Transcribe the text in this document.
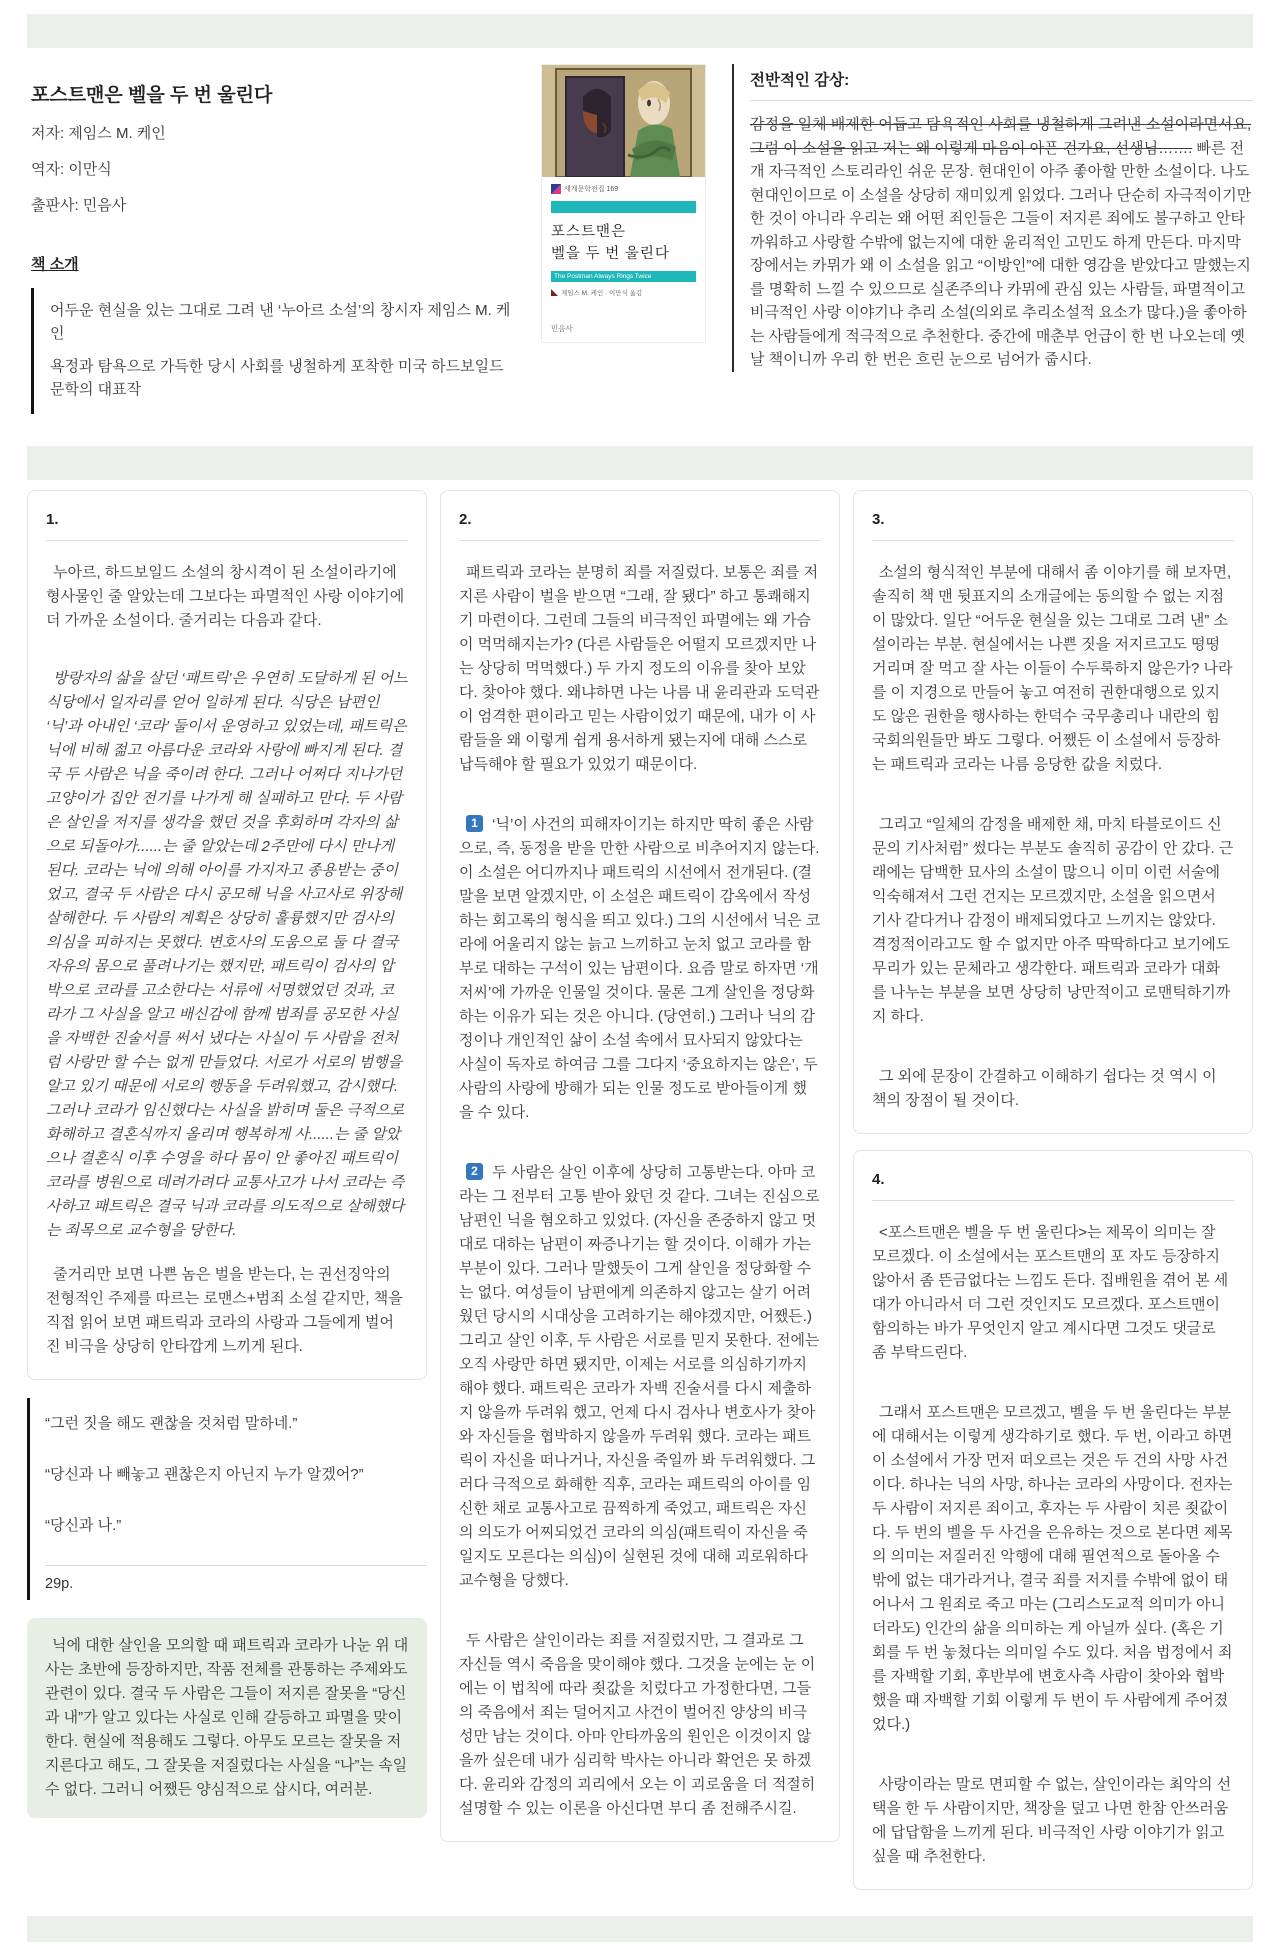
포스트맨은 벨을 두 번 울린다
저자: 제임스 M. 케인
역자: 이만식
출판사: 민음사
책 소개

어두운 현실을 있는 그대로 그려 낸 ‘누아르 소설’의 창시자 제임스 M. 케인

욕정과 탐욕으로 가득한 당시 사회를 냉철하게 포착한 미국 하드보일드 문학의 대표작

세계문학전집 169
포스트맨은
벨을 두 번 울린다
The Postman Always Rings Twice
제임스 M. 케인 · 이만식 옮김
민음사
전반적인 감상:

감정을 일체 배제한 어둡고 탐욕적인 사회를 냉철하게 그려낸 소설이라면서요, 그럼 이 소설을 읽고 저는 왜 이렇게 마음이 아픈 건가요, 선생님……. 빠른 전개 자극적인 스토리라인 쉬운 문장. 현대인이 아주 좋아할 만한 소설이다. 나도 현대인이므로 이 소설을 상당히 재미있게 읽었다. 그러나 단순히 자극적이기만 한 것이 아니라 우리는 왜 어떤 죄인들은 그들이 저지른 죄에도 불구하고 안타까워하고 사랑할 수밖에 없는지에 대한 윤리적인 고민도 하게 만든다. 마지막 장에서는 카뮈가 왜 이 소설을 읽고 “이방인”에 대한 영감을 받았다고 말했는지를 명확히 느낄 수 있으므로 실존주의나 카뮈에 관심 있는 사람들, 파멸적이고 비극적인 사랑 이야기나 추리 소설(의외로 추리소설적 요소가 많다.)을 좋아하는 사람들에게 적극적으로 추천한다. 중간에 매춘부 언급이 한 번 나오는데 옛날 책이니까 우리 한 번은 흐린 눈으로 넘어가 줍시다.

1.

누아르, 하드보일드 소설의 창시격이 된 소설이라기에 형사물인 줄 알았는데 그보다는 파멸적인 사랑 이야기에 더 가까운 소설이다. 줄거리는 다음과 같다.

방랑자의 삶을 살던 ‘패트릭’은 우연히 도달하게 된 어느 식당에서 일자리를 얻어 일하게 된다. 식당은 남편인 ‘닉’과 아내인 ‘코라’ 둘이서 운영하고 있었는데, 패트릭은 닉에 비해 젊고 아름다운 코라와 사랑에 빠지게 된다. 결국 두 사람은 닉을 죽이려 한다. 그러나 어쩌다 지나가던 고양이가 집안 전기를 나가게 해 실패하고 만다. 두 사람은 살인을 저지를 생각을 했던 것을 후회하며 각자의 삶으로 되돌아가......는 줄 알았는데 2주만에 다시 만나게 된다. 코라는 닉에 의해 아이를 가지자고 종용받는 중이었고, 결국 두 사람은 다시 공모해 닉을 사고사로 위장해 살해한다. 두 사람의 계획은 상당히 훌륭했지만 검사의 의심을 피하지는 못했다. 변호사의 도움으로 둘 다 결국 자유의 몸으로 풀려나기는 했지만, 패트릭이 검사의 압박으로 코라를 고소한다는 서류에 서명했었던 것과, 코라가 그 사실을 알고 배신감에 함께 범죄를 공모한 사실을 자백한 진술서를 써서 냈다는 사실이 두 사람을 전처럼 사랑만 할 수는 없게 만들었다. 서로가 서로의 범행을 알고 있기 때문에 서로의 행동을 두려워했고, 감시했다. 그러나 코라가 임신했다는 사실을 밝히며 둘은 극적으로 화해하고 결혼식까지 올리며 행복하게 사......는 줄 알았으나 결혼식 이후 수영을 하다 몸이 안 좋아진 패트릭이 코라를 병원으로 데려가려다 교통사고가 나서 코라는 즉사하고 패트릭은 결국 닉과 코라를 의도적으로 살해했다는 죄목으로 교수형을 당한다.

줄거리만 보면 나쁜 놈은 벌을 받는다, 는 권선징악의 전형적인 주제를 따르는 로맨스+범죄 소설 같지만, 책을 직접 읽어 보면 패트릭과 코라의 사랑과 그들에게 벌어진 비극을 상당히 안타깝게 느끼게 된다.

“그런 짓을 해도 괜찮을 것처럼 말하네.”

“당신과 나 빼놓고 괜찮은지 아닌지 누가 알겠어?”

“당신과 나.”

29p.

닉에 대한 살인을 모의할 때 패트릭과 코라가 나눈 위 대사는 초반에 등장하지만, 작품 전체를 관통하는 주제와도 관련이 있다. 결국 두 사람은 그들이 저지른 잘못을 “당신과 내”가 알고 있다는 사실로 인해 갈등하고 파멸을 맞이한다. 현실에 적용해도 그렇다. 아무도 모르는 잘못을 저지른다고 해도, 그 잘못을 저질렀다는 사실을 “나”는 속일 수 없다. 그러니 어쨌든 양심적으로 삽시다, 여러분.

2.

패트릭과 코라는 분명히 죄를 저질렀다. 보통은 죄를 저지른 사람이 벌을 받으면 “그래, 잘 됐다” 하고 통쾌해지기 마련이다. 그런데 그들의 비극적인 파멸에는 왜 가슴이 먹먹해지는가? (다른 사람들은 어떨지 모르겠지만 나는 상당히 먹먹했다.) 두 가지 정도의 이유를 찾아 보았다. 찾아야 했다. 왜냐하면 나는 나름 내 윤리관과 도덕관이 엄격한 편이라고 믿는 사람이었기 때문에, 내가 이 사람들을 왜 이렇게 쉽게 용서하게 됐는지에 대해 스스로 납득해야 할 필요가 있었기 때문이다.

1 ‘닉’이 사건의 피해자이기는 하지만 딱히 좋은 사람으로, 즉, 동정을 받을 만한 사람으로 비추어지지 않는다. 이 소설은 어디까지나 패트릭의 시선에서 전개된다. (결말을 보면 알겠지만, 이 소설은 패트릭이 감옥에서 작성하는 회고록의 형식을 띄고 있다.) 그의 시선에서 닉은 코라에 어울리지 않는 늙고 느끼하고 눈치 없고 코라를 함부로 대하는 구석이 있는 남편이다. 요즘 말로 하자면 ‘개저씨’에 가까운 인물일 것이다. 물론 그게 살인을 정당화하는 이유가 되는 것은 아니다. (당연히.) 그러나 닉의 감정이나 개인적인 삶이 소설 속에서 묘사되지 않았다는 사실이 독자로 하여금 그를 그다지 ‘중요하지는 않은’, 두 사람의 사랑에 방해가 되는 인물 정도로 받아들이게 했을 수 있다.

2 두 사람은 살인 이후에 상당히 고통받는다. 아마 코라는 그 전부터 고통 받아 왔던 것 같다. 그녀는 진심으로 남편인 닉을 혐오하고 있었다. (자신을 존중하지 않고 멋대로 대하는 남편이 짜증나기는 할 것이다. 이해가 가는 부분이 있다. 그러나 말했듯이 그게 살인을 정당화할 수는 없다. 여성들이 남편에게 의존하지 않고는 살기 어려웠던 당시의 시대상을 고려하기는 해야겠지만, 어쨌든.) 그리고 살인 이후, 두 사람은 서로를 믿지 못한다. 전에는 오직 사랑만 하면 됐지만, 이제는 서로를 의심하기까지 해야 했다. 패트릭은 코라가 자백 진술서를 다시 제출하지 않을까 두려워 했고, 언제 다시 검사나 변호사가 찾아와 자신들을 협박하지 않을까 두려워 했다. 코라는 패트릭이 자신을 떠나거나, 자신을 죽일까 봐 두려워했다. 그러다 극적으로 화해한 직후, 코라는 패트릭의 아이를 임신한 채로 교통사고로 끔찍하게 죽었고, 패트릭은 자신의 의도가 어찌되었건 코라의 의심(패트릭이 자신을 죽일지도 모른다는 의심)이 실현된 것에 대해 괴로워하다 교수형을 당했다.

두 사람은 살인이라는 죄를 저질렀지만, 그 결과로 그 자신들 역시 죽음을 맞이해야 했다. 그것을 눈에는 눈 이에는 이 법칙에 따라 죗값을 치렀다고 가정한다면, 그들의 죽음에서 죄는 덜어지고 사건이 벌어진 양상의 비극성만 남는 것이다. 아마 안타까움의 원인은 이것이지 않을까 싶은데 내가 심리학 박사는 아니라 확언은 못 하겠다. 윤리와 감정의 괴리에서 오는 이 괴로움을 더 적절히 설명할 수 있는 이론을 아신다면 부디 좀 전해주시길.

3.

소설의 형식적인 부분에 대해서 좀 이야기를 해 보자면, 솔직히 책 맨 뒷표지의 소개글에는 동의할 수 없는 지점이 많았다. 일단 “어두운 현실을 있는 그대로 그려 낸” 소설이라는 부분. 현실에서는 나쁜 짓을 저지르고도 떵떵거리며 잘 먹고 잘 사는 이들이 수두룩하지 않은가? 나라를 이 지경으로 만들어 놓고 여전히 권한대행으로 있지도 않은 권한을 행사하는 한덕수 국무총리나 내란의 힘 국회의원들만 봐도 그렇다. 어쨌든 이 소설에서 등장하는 패트릭과 코라는 나름 응당한 값을 치렀다.

그리고 “일체의 감정을 배제한 채, 마치 타블로이드 신문의 기사처럼” 썼다는 부분도 솔직히 공감이 안 갔다. 근래에는 담백한 묘사의 소설이 많으니 이미 이런 서술에 익숙해져서 그런 건지는 모르겠지만, 소설을 읽으면서 기사 같다거나 감정이 배제되었다고 느끼지는 않았다. 격정적이라고도 할 수 없지만 아주 딱딱하다고 보기에도 무리가 있는 문체라고 생각한다. 패트릭과 코라가 대화를 나누는 부분을 보면 상당히 낭만적이고 로맨틱하기까지 하다.

그 외에 문장이 간결하고 이해하기 쉽다는 것 역시 이 책의 장점이 될 것이다.

4.

<포스트맨은 벨을 두 번 울린다>는 제목이 의미는 잘 모르겠다. 이 소설에서는 포스트맨의 포 자도 등장하지 않아서 좀 뜬금없다는 느낌도 든다. 집배원을 겪어 본 세대가 아니라서 더 그런 것인지도 모르겠다. 포스트맨이 함의하는 바가 무엇인지 알고 계시다면 그것도 댓글로 좀 부탁드린다.

그래서 포스트맨은 모르겠고, 벨을 두 번 울린다는 부분에 대해서는 이렇게 생각하기로 했다. 두 번, 이라고 하면 이 소설에서 가장 먼저 떠오르는 것은 두 건의 사망 사건이다. 하나는 닉의 사망, 하나는 코라의 사망이다. 전자는 두 사람이 저지른 죄이고, 후자는 두 사람이 치른 죗값이다. 두 번의 벨을 두 사건을 은유하는 것으로 본다면 제목의 의미는 저질러진 악행에 대해 필연적으로 돌아올 수밖에 없는 대가라거나, 결국 죄를 저지를 수밖에 없이 태어나서 그 원죄로 죽고 마는 (그리스도교적 의미가 아니더라도) 인간의 삶을 의미하는 게 아닐까 싶다. (혹은 기회를 두 번 놓쳤다는 의미일 수도 있다. 처음 법정에서 죄를 자백할 기회, 후반부에 변호사측 사람이 찾아와 협박했을 때 자백할 기회 이렇게 두 번이 두 사람에게 주어졌었다.)

사랑이라는 말로 면피할 수 없는, 살인이라는 최악의 선택을 한 두 사람이지만, 책장을 덮고 나면 한참 안쓰러움에 답답함을 느끼게 된다. 비극적인 사랑 이야기가 읽고 싶을 때 추천한다.
